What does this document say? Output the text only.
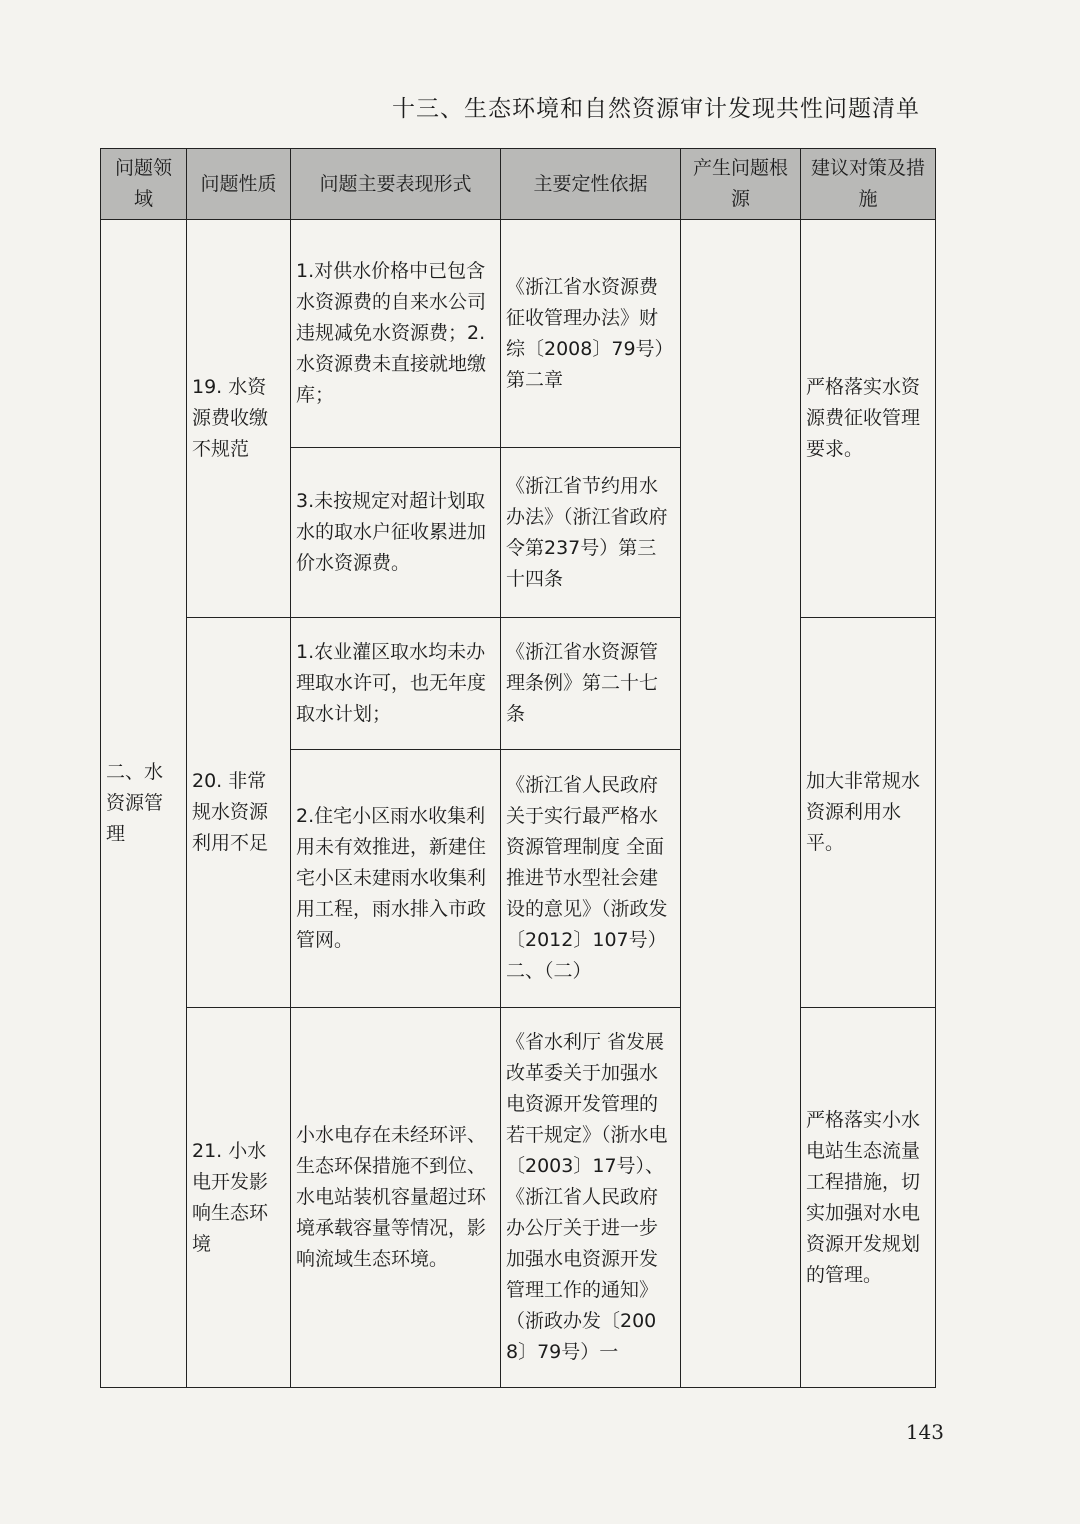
十三、生态环境和自然资源审计发现共性问题清单
问题领域	问题性质	问题主要表现形式	主要定性依据	产生问题根源	建议对策及措施
二、水资源管理	19. 水资源费收缴不规范	1.对供水价格中已包含水资源费的自来水公司违规减免水资源费；2.水资源费未直接就地缴库；	《浙江省水资源费征收管理办法》财综〔2008〕79号）第二章		严格落实水资源费征收管理要求。
		3.未按规定对超计划取水的取水户征收累进加价水资源费。	《浙江省节约用水办法》（浙江省政府令第237号）第三十四条		
	20. 非常规水资源利用不足	1.农业灌区取水均未办理取水许可，也无年度取水计划；	《浙江省水资源管理条例》第二十七条		加大非常规水资源利用水平。
		2.住宅小区雨水收集利用未有效推进，新建住宅小区未建雨水收集利用工程，雨水排入市政管网。	《浙江省人民政府关于实行最严格水资源管理制度 全面推进节水型社会建设的意见》（浙政发〔2012〕107号）二、（二）		
	21. 小水电开发影响生态环境	小水电存在未经环评、生态环保措施不到位、水电站装机容量超过环境承载容量等情况，影响流域生态环境。	《省水利厅 省发展改革委关于加强水电资源开发管理的若干规定》（浙水电〔2003〕17号）、《浙江省人民政府办公厅关于进一步加强水电资源开发管理工作的通知》（浙政办发〔2008〕79号）一		严格落实小水电站生态流量工程措施，切实加强对水电资源开发规划的管理。
143
